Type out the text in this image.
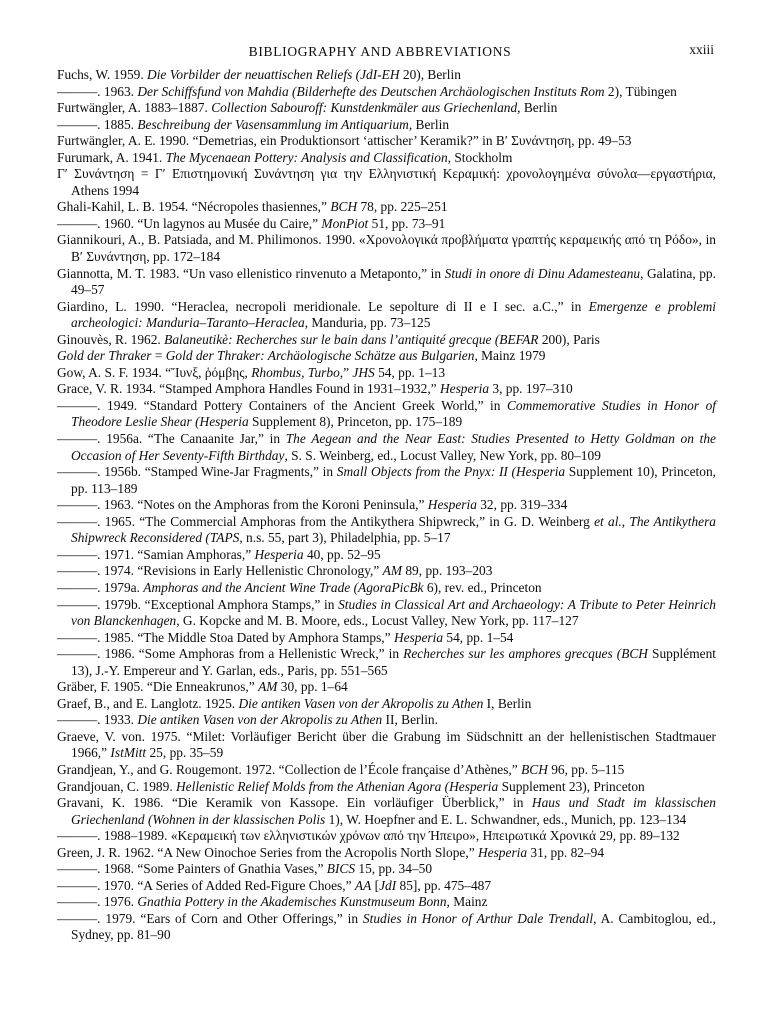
BIBLIOGRAPHY AND ABBREVIATIONS	xxiii

Fuchs, W. 1959. Die Vorbilder der neuattischen Reliefs (JdI-EH 20), Berlin

———. 1963. Der Schiffsfund von Mahdia (Bilderhefte des Deutschen Archäologischen Instituts Rom 2), Tübingen

Furtwängler, A. 1883–1887. Collection Sabouroff: Kunstdenkmäler aus Griechenland, Berlin

———. 1885. Beschreibung der Vasensammlung im Antiquarium, Berlin

Furtwängler, A. E. 1990. “Demetrias, ein Produktionsort ‘attischer’ Keramik?” in Β′ Συνάντηση, pp. 49–53

Furumark, A. 1941. The Mycenaean Pottery: Analysis and Classification, Stockholm

Γ′ Συνάντηση = Γ′ Επιστημονική Συνάντηση για την Ελληνιστική Κεραμική: χρονολογημένα σύνολα—εργαστήρια, Athens 1994

Ghali-Kahil, L. B. 1954. “Nécropoles thasiennes,” BCH 78, pp. 225–251

———. 1960. “Un lagynos au Musée du Caire,” MonPiot 51, pp. 73–91

Giannikouri, A., B. Patsiada, and M. Philimonos. 1990. «Χρονολογικά προβλήματα γραπτής κεραμεικής από τη Ρόδο», in Β′ Συνάντηση, pp. 172–184

Giannotta, M. T. 1983. “Un vaso ellenistico rinvenuto a Metaponto,” in Studi in onore di Dinu Adamesteanu, Galatina, pp. 49–57

Giardino, L. 1990. “Heraclea, necropoli meridionale. Le sepolture di II e I sec. a.C.,” in Emergenze e problemi archeologici: Manduria–Taranto–Heraclea, Manduria, pp. 73–125

Ginouvès, R. 1962. Balaneutikè: Recherches sur le bain dans l’antiquité grecque (BEFAR 200), Paris

Gold der Thraker = Gold der Thraker: Archäologische Schätze aus Bulgarien, Mainz 1979

Gow, A. S. F. 1934. “Ἴυνξ, ῥόμβης, Rhombus, Turbo,” JHS 54, pp. 1–13

Grace, V. R. 1934. “Stamped Amphora Handles Found in 1931–1932,” Hesperia 3, pp. 197–310

———. 1949. “Standard Pottery Containers of the Ancient Greek World,” in Commemorative Studies in Honor of Theodore Leslie Shear (Hesperia Supplement 8), Princeton, pp. 175–189

———. 1956a. “The Canaanite Jar,” in The Aegean and the Near East: Studies Presented to Hetty Goldman on the Occasion of Her Seventy-Fifth Birthday, S. S. Weinberg, ed., Locust Valley, New York, pp. 80–109

———. 1956b. “Stamped Wine-Jar Fragments,” in Small Objects from the Pnyx: II (Hesperia Supplement 10), Princeton, pp. 113–189

———. 1963. “Notes on the Amphoras from the Koroni Peninsula,” Hesperia 32, pp. 319–334

———. 1965. “The Commercial Amphoras from the Antikythera Shipwreck,” in G. D. Weinberg et al., The Antikythera Shipwreck Reconsidered (TAPS, n.s. 55, part 3), Philadelphia, pp. 5–17

———. 1971. “Samian Amphoras,” Hesperia 40, pp. 52–95

———. 1974. “Revisions in Early Hellenistic Chronology,” AM 89, pp. 193–203

———. 1979a. Amphoras and the Ancient Wine Trade (AgoraPicBk 6), rev. ed., Princeton

———. 1979b. “Exceptional Amphora Stamps,” in Studies in Classical Art and Archaeology: A Tribute to Peter Heinrich von Blanckenhagen, G. Kopcke and M. B. Moore, eds., Locust Valley, New York, pp. 117–127

———. 1985. “The Middle Stoa Dated by Amphora Stamps,” Hesperia 54, pp. 1–54

———. 1986. “Some Amphoras from a Hellenistic Wreck,” in Recherches sur les amphores grecques (BCH Supplément 13), J.-Y. Empereur and Y. Garlan, eds., Paris, pp. 551–565

Gräber, F. 1905. “Die Enneakrunos,” AM 30, pp. 1–64

Graef, B., and E. Langlotz. 1925. Die antiken Vasen von der Akropolis zu Athen I, Berlin

———. 1933. Die antiken Vasen von der Akropolis zu Athen II, Berlin.

Graeve, V. von. 1975. “Milet: Vorläufiger Bericht über die Grabung im Südschnitt an der hellenistischen Stadtmauer 1966,” IstMitt 25, pp. 35–59

Grandjean, Y., and G. Rougemont. 1972. “Collection de l’École française d’Athènes,” BCH 96, pp. 5–115

Grandjouan, C. 1989. Hellenistic Relief Molds from the Athenian Agora (Hesperia Supplement 23), Princeton

Gravani, K. 1986. “Die Keramik von Kassope. Ein vorläufiger Überblick,” in Haus und Stadt im klassischen Griechenland (Wohnen in der klassischen Polis 1), W. Hoepfner and E. L. Schwandner, eds., Munich, pp. 123–134

———. 1988–1989. «Κεραμεική των ελληνιστικών χρόνων από την Ήπειρο», Ηπειρωτικά Χρονικά 29, pp. 89–132

Green, J. R. 1962. “A New Oinochoe Series from the Acropolis North Slope,” Hesperia 31, pp. 82–94

———. 1968. “Some Painters of Gnathia Vases,” BICS 15, pp. 34–50

———. 1970. “A Series of Added Red-Figure Choes,” AA [JdI 85], pp. 475–487

———. 1976. Gnathia Pottery in the Akademisches Kunstmuseum Bonn, Mainz

———. 1979. “Ears of Corn and Other Offerings,” in Studies in Honor of Arthur Dale Trendall, A. Cambitoglou, ed., Sydney, pp. 81–90
